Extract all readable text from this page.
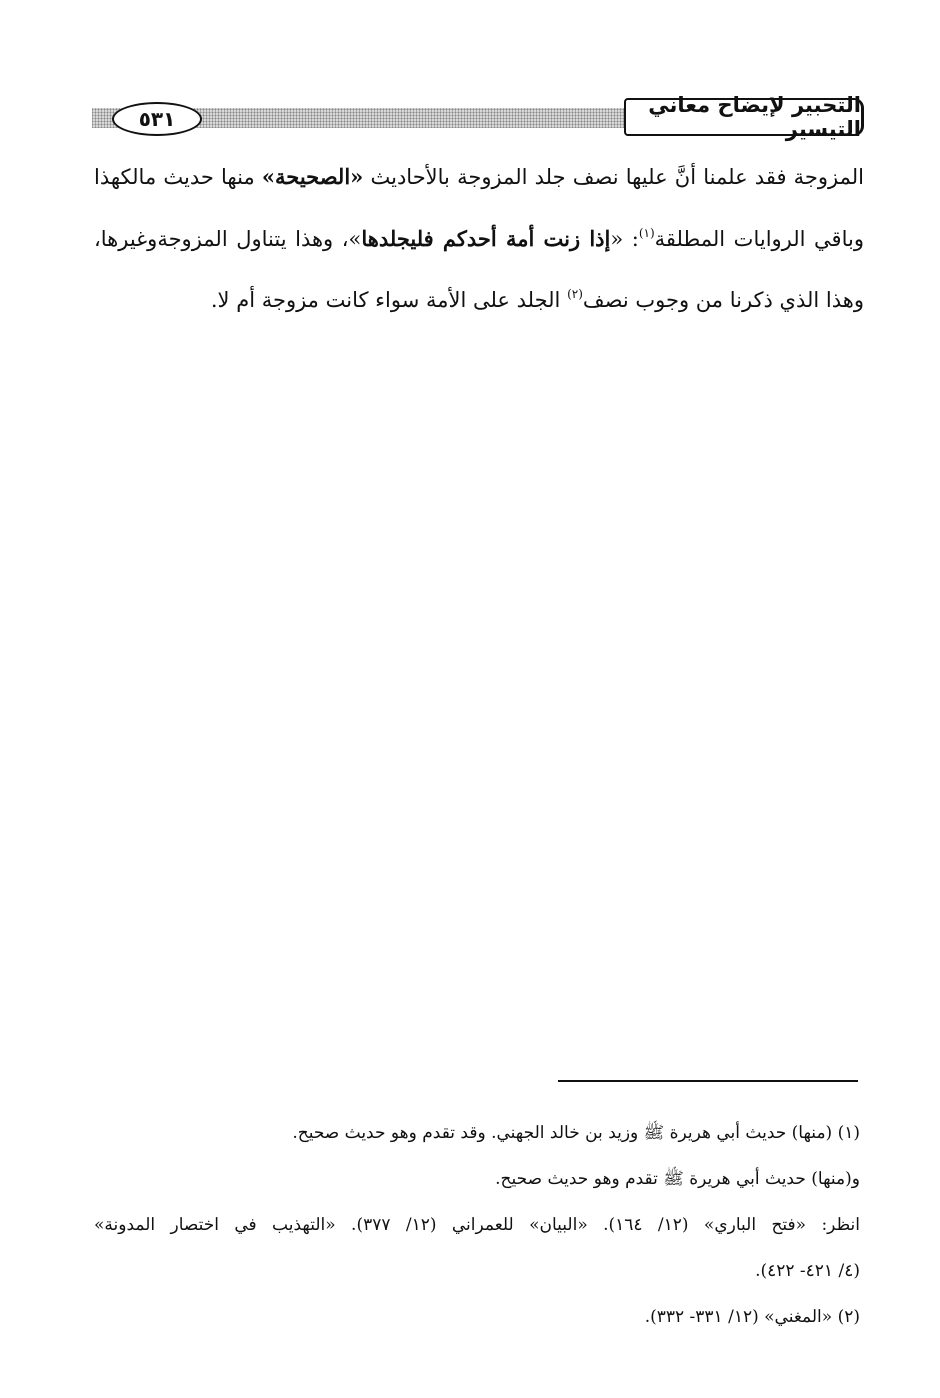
٥٣١
التحبير لإيضاح معاني التيسير

المزوجة فقد علمنا أنَّ عليها نصف جلد المزوجة بالأحاديث «الصحيحة» منها حديث مالكهذا وباقي الروايات المطلقة$^{(١)}$: «إذا زنت أمة أحدكم فليجلدها»، وهذا يتناول المزوجةوغيرها، وهذا الذي ذكرنا من وجوب نصف$^{(٢)}$ الجلد على الأمة سواء كانت مزوجة أم لا.

(١) (منها) حديث أبي هريرة ﷺ وزيد بن خالد الجهني. وقد تقدم وهو حديث صحيح.

و(منها) حديث أبي هريرة ﷺ تقدم وهو حديث صحيح.

انظر: «فتح الباري» (١٢/ ١٦٤). «البيان» للعمراني (١٢/ ٣٧٧). «التهذيب في اختصار المدونة»

(٤/ ٤٢١- ٤٢٢).

(٢) «المغني» (١٢/ ٣٣١- ٣٣٢).
